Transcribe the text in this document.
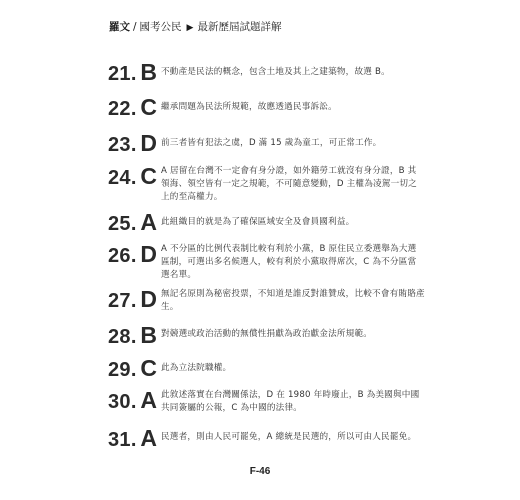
羅文 / 國考公民 ▶ 最新歷屆試題詳解
21. B 不動產是民法的概念，包含土地及其上之建築物，故選 B。
22. C 繼承問題為民法所規範，故應透過民事訴訟。
23. D 前三者皆有犯法之虞，D 滿 15 歲為童工，可正常工作。
24. C A 居留在台灣不一定會有身分證，如外籍勞工就沒有身分證，B 其領海、領空皆有一定之規範，不可隨意變動，D 主權為凌駕一切之上的至高權力。
25. A 此組織目的就是為了確保區域安全及會員國利益。
26. D A 不分區的比例代表制比較有利於小黨，B 原住民立委選舉為大選區制，可選出多名候選人，較有利於小黨取得席次，C 為不分區當選名單。
27. D 無記名原則為秘密投票，不知道是誰反對誰贊成，比較不會有賄賂產生。
28. B 對競選或政治活動的無償性捐獻為政治獻金法所規範。
29. C 此為立法院職權。
30. A 此敘述落實在台灣關係法，D 在 1980 年時廢止，B 為美國與中國共同簽屬的公報，C 為中國的法律。
31. A 民選者，則由人民可罷免，A 總統是民選的，所以可由人民罷免。
F-46
